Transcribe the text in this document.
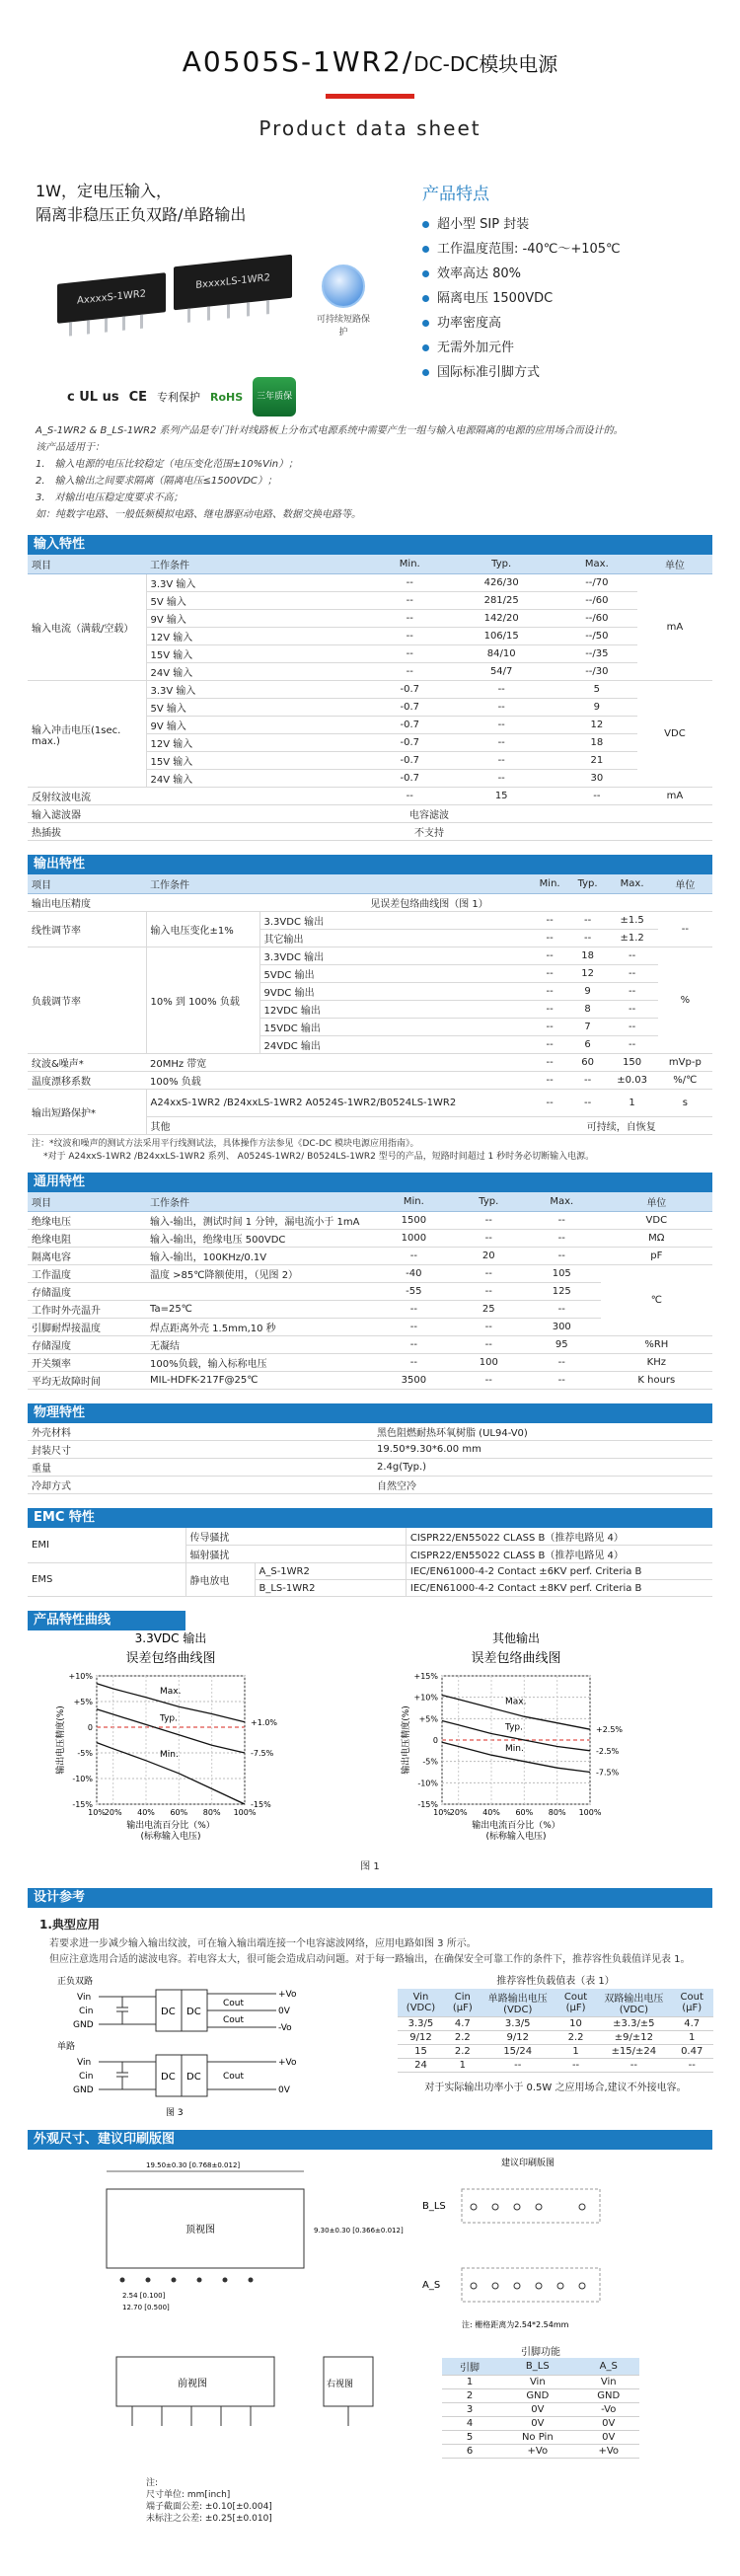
A0505S-1WR2/DC-DC模块电源
Product data sheet
1W，定电压输入，
隔离非稳压正负双路/单路输出
AxxxxS-1WR2
BxxxxLS-1WR2
可持续短路保护
c UL us CE 专利保护 RoHS	三年质保
产品特点
超小型 SIP 封装
工作温度范围: -40℃～+105℃
效率高达 80%
隔离电压 1500VDC
功率密度高
无需外加元件
国际标准引脚方式
A_S-1WR2 & B_LS-1WR2 系列产品是专门针对线路板上分布式电源系统中需要产生一组与输入电源隔离的电源的应用场合而设计的。
该产品适用于：
1.　输入电源的电压比较稳定（电压变化范围±10%Vin）；
2.　输入输出之间要求隔离（隔离电压≤1500VDC）；
3.　对输出电压稳定度要求不高；
如：纯数字电路、一般低频模拟电路、继电器驱动电路、数据交换电路等。
输入特性
项目	工作条件	Min.	Typ.	Max.	单位
输入电流（满载/空载）	3.3V 输入	--	426/30	--/70	mA
	5V 输入	--	281/25	--/60	
	9V 输入	--	142/20	--/60	
	12V 输入	--	106/15	--/50	
	15V 输入	--	84/10	--/35	
	24V 输入	--	54/7	--/30	
输入冲击电压(1sec. max.)	3.3V 输入	-0.7	--	5	VDC
	5V 输入	-0.7	--	9	
	9V 输入	-0.7	--	12	
	12V 输入	-0.7	--	18	
	15V 输入	-0.7	--	21	
	24V 输入	-0.7	--	30	
反射纹波电流		--	15	--	mA
输入滤波器	电容滤波				
热插拔	不支持				
输出特性
项目	工作条件		Min.	Typ.	Max.	单位
输出电压精度	见误差包络曲线图（图 1）					
线性调节率	输入电压变化±1%	3.3VDC 输出	--	--	±1.5	--
		其它输出	--	--	±1.2	
负载调节率	10% 到 100% 负载	3.3VDC 输出	--	18	--	%
		5VDC 输出	--	12	--	
		9VDC 输出	--	9	--	
		12VDC 输出	--	8	--	
		15VDC 输出	--	7	--	
		24VDC 输出	--	6	--	
纹波&噪声*	20MHz 带宽		--	60	150	mVp-p
温度漂移系数	100% 负载		--	--	±0.03	%/℃
输出短路保护*	A24xxS-1WR2 /B24xxLS-1WR2 A0524S-1WR2/B0524LS-1WR2		--	--	1	s
	其他		可持续，自恢复			
注：*纹波和噪声的测试方法采用平行线测试法，具体操作方法参见《DC-DC 模块电源应用指南》。
*对于 A24xxS-1WR2 /B24xxLS-1WR2 系列、 A0524S-1WR2/ B0524LS-1WR2 型号的产品，短路时间超过 1 秒时务必切断输入电源。
通用特性
项目	工作条件	Min.	Typ.	Max.	单位
绝缘电压	输入-输出，测试时间 1 分钟，漏电流小于 1mA	1500	--	--	VDC
绝缘电阻	输入-输出，绝缘电压 500VDC	1000	--	--	MΩ
隔离电容	输入-输出，100KHz/0.1V	--	20	--	pF
工作温度	温度 >85℃降额使用，（见图 2）	-40	--	105	℃
存储温度		-55	--	125	
工作时外壳温升	Ta=25℃	--	25	--	
引脚耐焊接温度	焊点距离外壳 1.5mm,10 秒	--	--	300	
存储湿度	无凝结	--	--	95	%RH
开关频率	100%负载，输入标称电压	--	100	--	KHz
平均无故障时间	MIL-HDFK-217F@25℃	3500	--	--	K hours
物理特性
外壳材料	黑色阻燃耐热环氧树脂 (UL94-V0)
封装尺寸	19.50*9.30*6.00 mm
重量	2.4g(Typ.)
冷却方式	自然空冷
EMC 特性
EMI	传导骚扰		CISPR22/EN55022 CLASS B（推荐电路见 4）
	辐射骚扰		CISPR22/EN55022 CLASS B（推荐电路见 4）
EMS	静电放电	A_S-1WR2	IEC/EN61000-4-2 Contact ±6KV perf. Criteria B
		B_LS-1WR2	IEC/EN61000-4-2 Contact ±8KV perf. Criteria B
产品特性曲线
3.3VDC 输出
误差包络曲线图
+10%
+5%
0
-5%
-10%
-15%
10%
20% 40% 60% 80% 100%
Max.
+1.0%
Typ.
-7.5%
Min.
-15%
输出电压精度(%)
输出电流百分比（%）
(标称输入电压)
其他输出
误差包络曲线图
+15%
+10%
+5%
0
-5%
-10%
-15%
10%
20% 40% 60% 80% 100%
Max.
+2.5%
Typ.
-2.5%
Min.
-7.5%
输出电压精度(%)
输出电流百分比（%）
(标称输入电压)
图 1
设计参考
1.典型应用
若要求进一步减少输入输出纹波，可在输入输出端连接一个电容滤波网络，应用电路如图 3 所示。
但应注意选用合适的滤波电容。若电容太大，很可能会造成启动问题。对于每一路输出，在确保安全可靠工作的条件下，推荐容性负载值详见表 1。
正负双路
Vin
Cin
GND
DC DC
Cout
Cout
+Vo
0V
-Vo
单路
Vin
Cin
GND
DC DC Cout
+Vo
0V
图 3
推荐容性负载值表（表 1）
Vin (VDC)	Cin (μF)	单路输出电压 (VDC)	Cout (μF)	双路输出电压 (VDC)	Cout (μF)
3.3/5	4.7	3.3/5	10	±3.3/±5	4.7
9/12	2.2	9/12	2.2	±9/±12	1
15	2.2	15/24	1	±15/±24	0.47
24	1	--	--	--	--
对于实际输出功率小于 0.5W 之应用场合,建议不外接电容。
外观尺寸、建议印刷版图
顶视图
19.50±0.30 [0.768±0.012]
9.30±0.30 [0.366±0.012]
2.54 [0.100]
12.70 [0.500]
前视图	右视图
建议印刷版图
B_LS
A_S
注: 栅格距离为2.54*2.54mm
引脚功能
引脚	B_LS	A_S
1	Vin	Vin
2	GND	GND
3	0V	-Vo
4	0V	0V
5	No Pin	0V
6	+Vo	+Vo
注:
尺寸单位: mm[inch]
端子截面公差: ±0.10[±0.004]
未标注之公差: ±0.25[±0.010]
